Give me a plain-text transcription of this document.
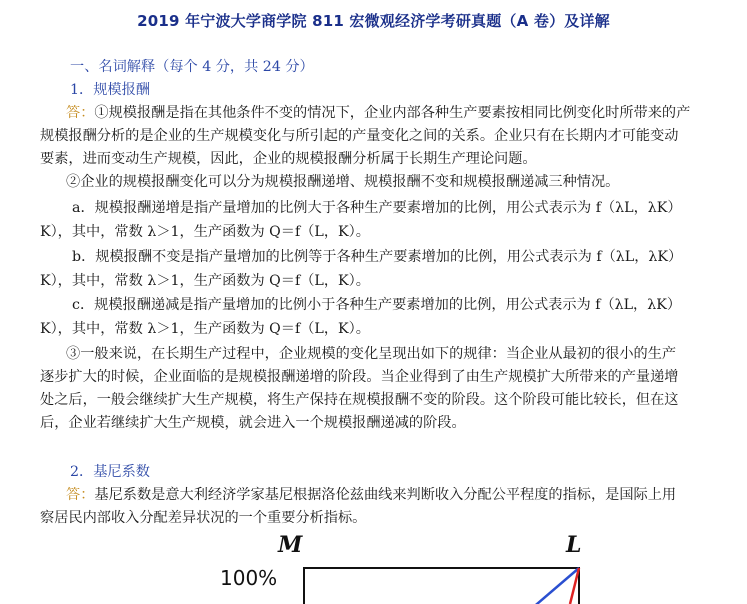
2019 年宁波大学商学院 811 宏微观经济学考研真题（A 卷）及详解
一、名词解释（每个 4 分，共 24 分）
1．规模报酬
答：①规模报酬是指在其他条件不变的情况下，企业内部各种生产要素按相同比例变化时所带来的产
规模报酬分析的是企业的生产规模变化与所引起的产量变化之间的关系。企业只有在长期内才可能变动
要素，进而变动生产规模，因此，企业的规模报酬分析属于长期生产理论问题。
②企业的规模报酬变化可以分为规模报酬递增、规模报酬不变和规模报酬递减三种情况。
a．规模报酬递增是指产量增加的比例大于各种生产要素增加的比例，用公式表示为 f（λL，λK）
K），其中，常数 λ＞1，生产函数为 Q＝f（L，K）。
b．规模报酬不变是指产量增加的比例等于各种生产要素增加的比例，用公式表示为 f（λL，λK）
K），其中，常数 λ＞1，生产函数为 Q＝f（L，K）。
c．规模报酬递减是指产量增加的比例小于各种生产要素增加的比例，用公式表示为 f（λL，λK）
K），其中，常数 λ＞1，生产函数为 Q＝f（L，K）。
③一般来说，在长期生产过程中，企业规模的变化呈现出如下的规律：当企业从最初的很小的生产
逐步扩大的时候，企业面临的是规模报酬递增的阶段。当企业得到了由生产规模扩大所带来的产量递增
处之后，一般会继续扩大生产规模，将生产保持在规模报酬不变的阶段。这个阶段可能比较长，但在这
后，企业若继续扩大生产规模，就会进入一个规模报酬递减的阶段。
2．基尼系数
答：基尼系数是意大利经济学家基尼根据洛伦兹曲线来判断收入分配公平程度的指标，是国际上用
察居民内部收入分配差异状况的一个重要分析指标。
M	L
100%
